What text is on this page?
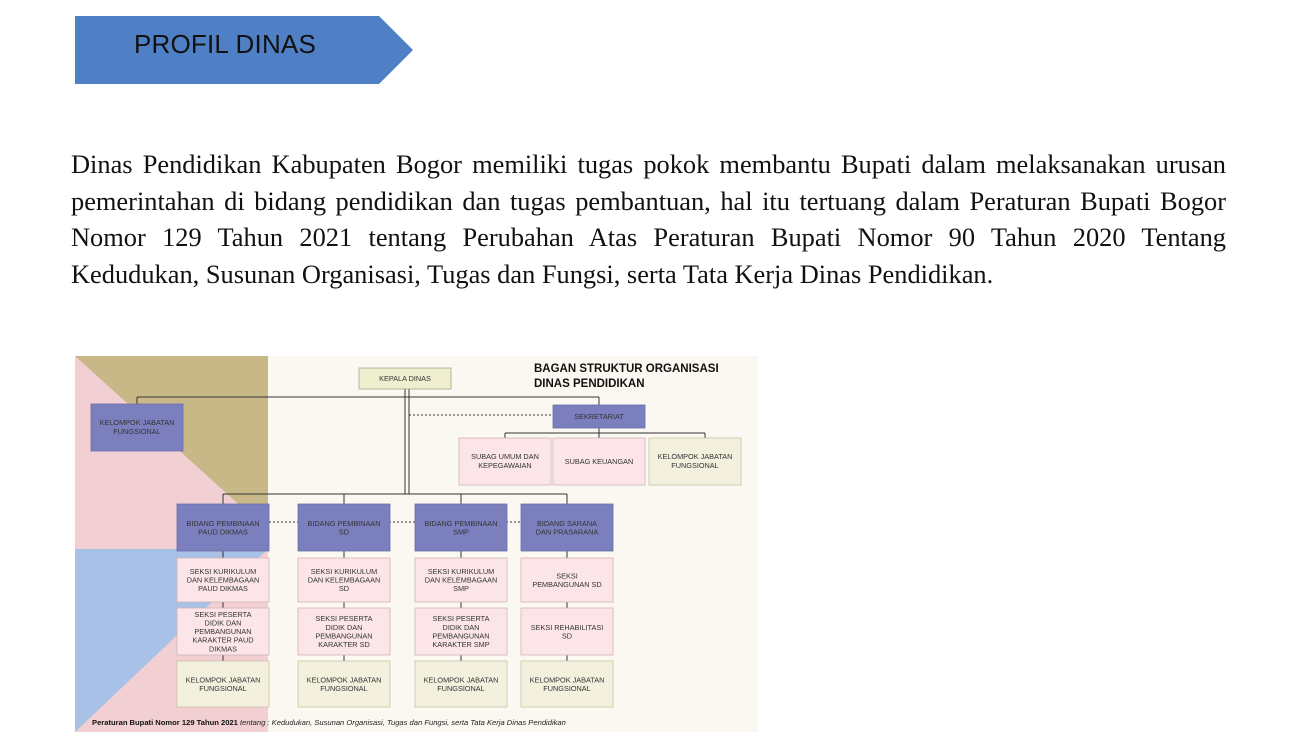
PROFIL DINAS

Dinas Pendidikan Kabupaten Bogor memiliki tugas pokok membantu Bupati dalam melaksanakan urusan pemerintahan di bidang pendidikan dan tugas pembantuan, hal itu tertuang dalam Peraturan Bupati Bogor Nomor 129 Tahun 2021 tentang Perubahan Atas Peraturan Bupati Nomor 90 Tahun 2020 Tentang Kedudukan, Susunan Organisasi, Tugas dan Fungsi, serta Tata Kerja Dinas Pendidikan.

BAGAN STRUKTUR ORGANISASI
DINAS PENDIDIKAN
KEPALA DINAS
KELOMPOK JABATAN
FUNGSIONAL
SEKRETARIAT
SUBAG UMUM DAN
KEPEGAWAIAN	SUBAG KEUANGAN
KELOMPOK JABATAN
FUNGSIONAL
BIDANG PEMBINAAN
PAUD DIKMAS
SEKSI KURIKULUM
DAN KELEMBAGAAN
PAUD DIKMAS
SEKSI PESERTA
DIDIK DAN
PEMBANGUNAN
KARAKTER PAUD
DIKMAS
KELOMPOK JABATAN
FUNGSIONAL
BIDANG PEMBINAAN
SD
SEKSI KURIKULUM
DAN KELEMBAGAAN
SD
SEKSI PESERTA
DIDIK DAN
PEMBANGUNAN
KARAKTER SD
KELOMPOK JABATAN
FUNGSIONAL
BIDANG PEMBINAAN
SMP
SEKSI KURIKULUM
DAN KELEMBAGAAN
SMP
SEKSI PESERTA
DIDIK DAN
PEMBANGUNAN
KARAKTER SMP
KELOMPOK JABATAN
FUNGSIONAL
BIDANG SARANA
DAN PRASARANA
SEKSI
PEMBANGUNAN SD
SEKSI REHABILITASI
SD
KELOMPOK JABATAN
FUNGSIONAL
Peraturan Bupati Nomor 129 Tahun 2021 tentang : Kedudukan, Susunan Organisasi, Tugas dan Fungsi, serta Tata Kerja Dinas Pendidikan
